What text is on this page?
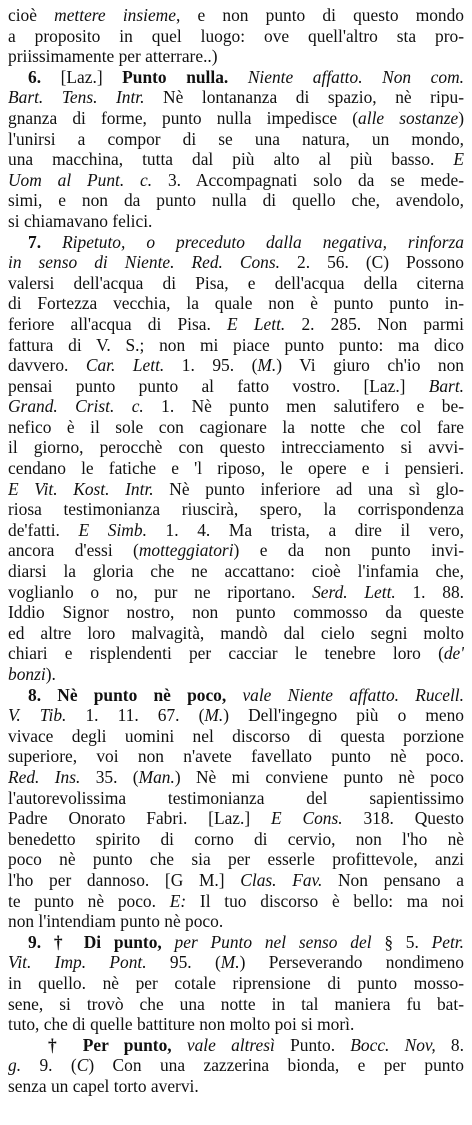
cioè mettere insieme, e non punto di questo mondo
a proposito in quel luogo: ove quell'altro sta pro-
priissimamente per atterrare..)
6. [Laz.] Punto nulla. Niente affatto. Non com.
Bart. Tens. Intr. Nè lontananza di spazio, nè ripu-
gnanza di forme, punto nulla impedisce (alle sostanze)
l'unirsi a compor di se una natura, un mondo,
una macchina, tutta dal più alto al più basso. E
Uom al Punt. c. 3. Accompagnati solo da se mede-
simi, e non da punto nulla di quello che, avendolo,
si chiamavano felici.
7. Ripetuto, o preceduto dalla negativa, rinforza
in senso di Niente. Red. Cons. 2. 56. (C) Possono
valersi dell'acqua di Pisa, e dell'acqua della citerna
di Fortezza vecchia, la quale non è punto punto in-
feriore all'acqua di Pisa. E Lett. 2. 285. Non parmi
fattura di V. S.; non mi piace punto punto: ma dico
davvero. Car. Lett. 1. 95. (M.) Vi giuro ch'io non
pensai punto punto al fatto vostro. [Laz.] Bart.
Grand. Crist. c. 1. Nè punto men salutifero e be-
nefico è il sole con cagionare la notte che col fare
il giorno, perocchè con questo intrecciamento si avvi-
cendano le fatiche e 'l riposo, le opere e i pensieri.
E Vit. Kost. Intr. Nè punto inferiore ad una sì glo-
riosa testimonianza riuscirà, spero, la corrispondenza
de'fatti. E Simb. 1. 4. Ma trista, a dire il vero,
ancora d'essi (motteggiatori) e da non punto invi-
diarsi la gloria che ne accattano: cioè l'infamia che,
voglianlo o no, pur ne riportano. Serd. Lett. 1. 88.
Iddio Signor nostro, non punto commosso da queste
ed altre loro malvagità, mandò dal cielo segni molto
chiari e risplendenti per cacciar le tenebre loro (de'
bonzi).
8. Nè punto nè poco, vale Niente affatto. Rucell.
V. Tib. 1. 11. 67. (M.) Dell'ingegno più o meno
vivace degli uomini nel discorso di questa porzione
superiore, voi non n'avete favellato punto nè poco.
Red. Ins. 35. (Man.) Nè mi conviene punto nè poco
l'autorevolissima testimonianza del sapientissimo
Padre Onorato Fabri. [Laz.] E Cons. 318. Questo
benedetto spirito di corno di cervio, non l'ho nè
poco nè punto che sia per esserle profittevole, anzi
l'ho per dannoso. [G M.] Clas. Fav. Non pensano a
te punto nè poco. E: Il tuo discorso è bello: ma noi
non l'intendiam punto nè poco.
9. † Di punto, per Punto nel senso del § 5. Petr.
Vit. Imp. Pont. 95. (M.) Perseverando nondimeno
in quello. nè per cotale riprensione di punto mosso-
sene, si trovò che una notte in tal maniera fu bat-
tuto, che di quelle battiture non molto poi si morì.
† Per punto, vale altresì Punto. Bocc. Nov, 8.
g. 9. (C) Con una zazzerina bionda, e per punto
senza un capel torto avervi.
